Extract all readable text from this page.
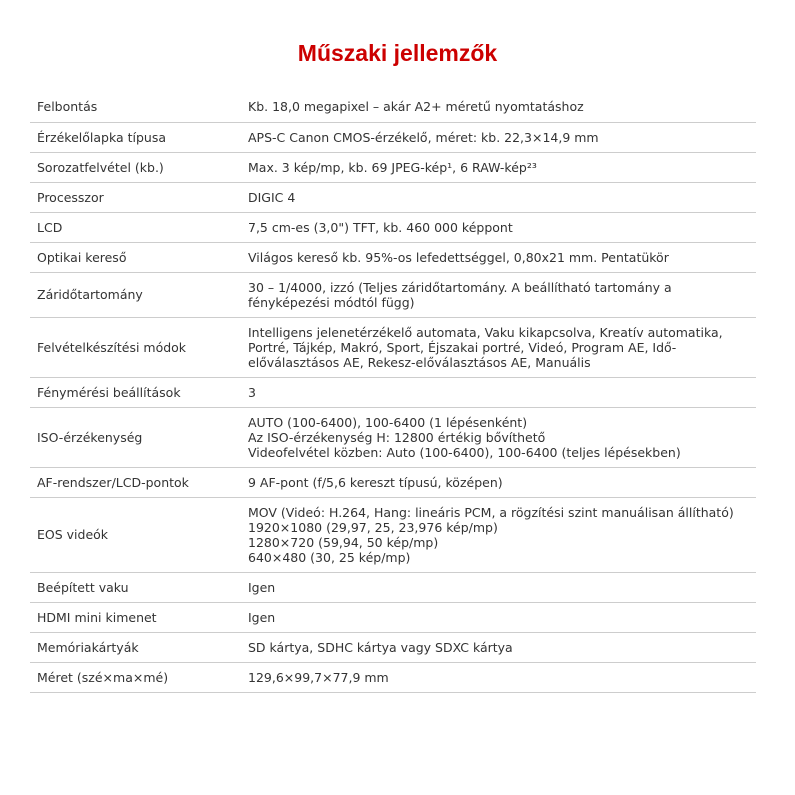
Műszaki jellemzők
Felbontás	Kb. 18,0 megapixel – akár A2+ méretű nyomtatáshoz

Érzékelőlapka típusa	APS-C Canon CMOS-érzékelő, méret: kb. 22,3×14,9 mm

Sorozatfelvétel (kb.)	Max. 3 kép/mp, kb. 69 JPEG-kép¹, 6 RAW-kép²³

Processzor	DIGIC 4

LCD	7,5 cm-es (3,0") TFT, kb. 460 000 képpont

Optikai kereső	Világos kereső kb. 95%-os lefedettséggel, 0,80x21 mm. Pentatükör

Záridőtartomány	30 – 1/4000, izzó (Teljes záridőtartomány. A beállítható tartomány a
fényképezési módtól függ)

Felvételkészítési módok	Intelligens jelenetérzékelő automata, Vaku kikapcsolva, Kreatív automatika,
Portré, Tájkép, Makró, Sport, Éjszakai portré, Videó, Program AE, Idő-
előválasztásos AE, Rekesz-előválasztásos AE, Manuális

Fénymérési beállítások	3

ISO-érzékenység	AUTO (100-6400), 100-6400 (1 lépésenként)
Az ISO-érzékenység H: 12800 értékig bővíthető
Videofelvétel közben: Auto (100-6400), 100-6400 (teljes lépésekben)

AF-rendszer/LCD-pontok	9 AF-pont (f/5,6 kereszt típusú, középen)

EOS videók	MOV (Videó: H.264, Hang: lineáris PCM, a rögzítési szint manuálisan állítható)
1920×1080 (29,97, 25, 23,976 kép/mp)
1280×720 (59,94, 50 kép/mp)
640×480 (30, 25 kép/mp)

Beépített vaku	Igen

HDMI mini kimenet	Igen

Memóriakártyák	SD kártya, SDHC kártya vagy SDXC kártya

Méret (szé×ma×mé)	129,6×99,7×77,9 mm
